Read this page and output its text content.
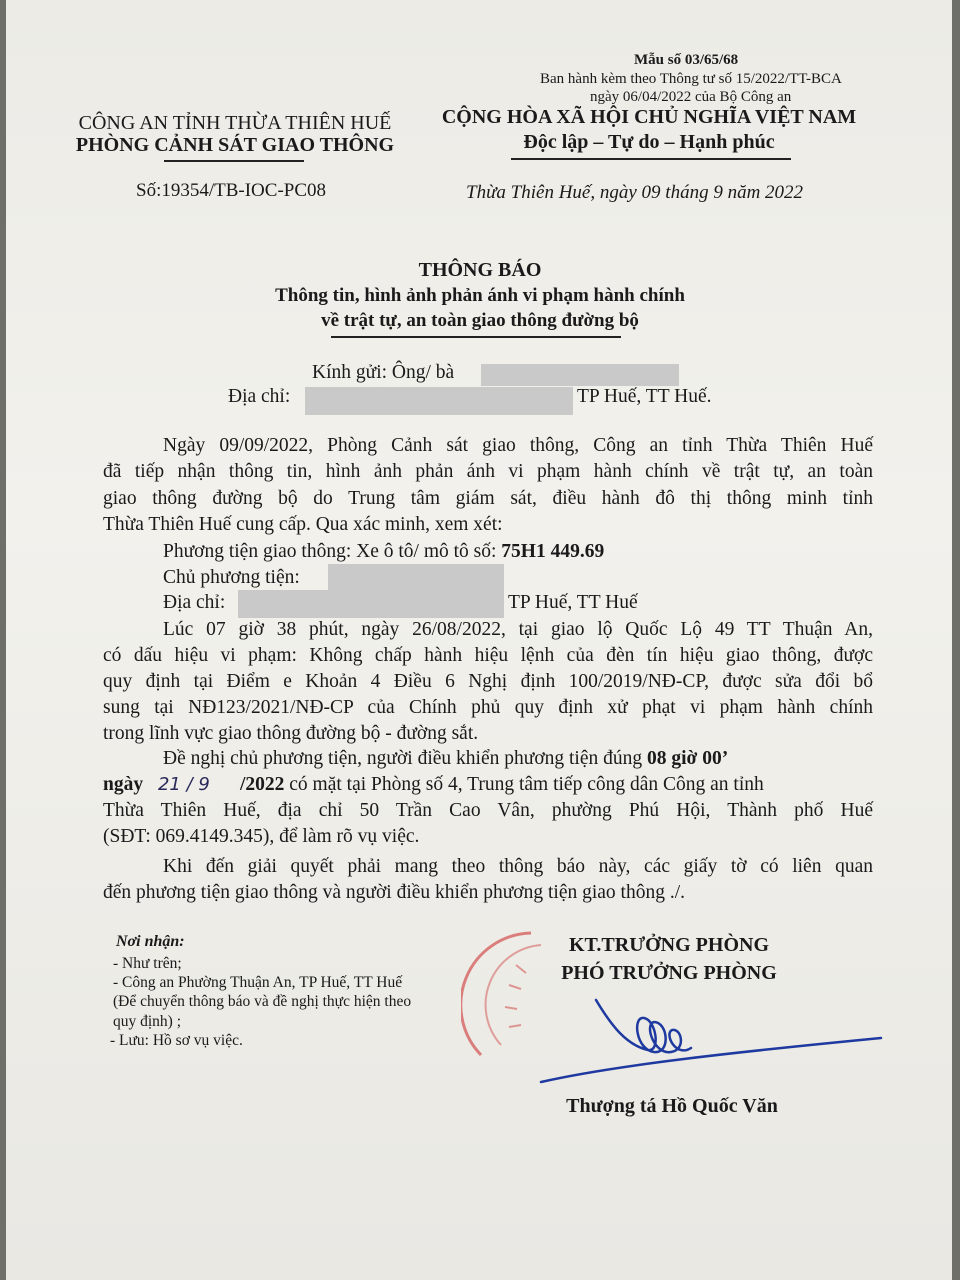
Mẫu số 03/65/68
Ban hành kèm theo Thông tư số 15/2022/TT-BCA
ngày 06/04/2022 của Bộ Công an
CÔNG AN TỈNH THỪA THIÊN HUẾ
PHÒNG CẢNH SÁT GIAO THÔNG
Số:19354/TB-IOC-PC08
CỘNG HÒA XÃ HỘI CHỦ NGHĨA VIỆT NAM
Độc lập – Tự do – Hạnh phúc
Thừa Thiên Huế, ngày 09 tháng 9 năm 2022
THÔNG BÁO
Thông tin, hình ảnh phản ánh vi phạm hành chính
về trật tự, an toàn giao thông đường bộ
Kính gửi: Ông/ bà
Địa chỉ:	TP Huế, TT Huế.
Ngày 09/09/2022, Phòng Cảnh sát giao thông, Công an tỉnh Thừa Thiên Huế
đã tiếp nhận thông tin, hình ảnh phản ánh vi phạm hành chính về trật tự, an toàn
giao thông đường bộ do Trung tâm giám sát, điều hành đô thị thông minh tỉnh
Thừa Thiên Huế cung cấp. Qua xác minh, xem xét:
Phương tiện giao thông: Xe ô tô/ mô tô số: 75H1 449.69
Chủ phương tiện:
Địa chỉ:	TP Huế, TT Huế
Lúc 07 giờ 38 phút, ngày 26/08/2022, tại giao lộ Quốc Lộ 49 TT Thuận An,
có dấu hiệu vi phạm: Không chấp hành hiệu lệnh của đèn tín hiệu giao thông, được
quy định tại Điểm e Khoản 4 Điều 6 Nghị định 100/2019/NĐ-CP, được sửa đổi bổ
sung tại NĐ123/2021/NĐ-CP của Chính phủ quy định xử phạt vi phạm hành chính
trong lĩnh vực giao thông đường bộ - đường sắt.
Đề nghị chủ phương tiện, người điều khiển phương tiện đúng 08 giờ 00’
ngày 21 / 9 /2022 có mặt tại Phòng số 4, Trung tâm tiếp công dân Công an tỉnh
Thừa Thiên Huế, địa chỉ 50 Trần Cao Vân, phường Phú Hội, Thành phố Huế
(SĐT: 069.4149.345), để làm rõ vụ việc.
Khi đến giải quyết phải mang theo thông báo này, các giấy tờ có liên quan
đến phương tiện giao thông và người điều khiển phương tiện giao thông ./.
Nơi nhận:
- Như trên;
- Công an Phường Thuận An, TP Huế, TT Huế
(Để chuyển thông báo và đề nghị thực hiện theo
quy định) ;
- Lưu: Hồ sơ vụ việc.
KT.TRƯỞNG PHÒNG
PHÓ TRƯỞNG PHÒNG
Thượng tá Hồ Quốc Văn
